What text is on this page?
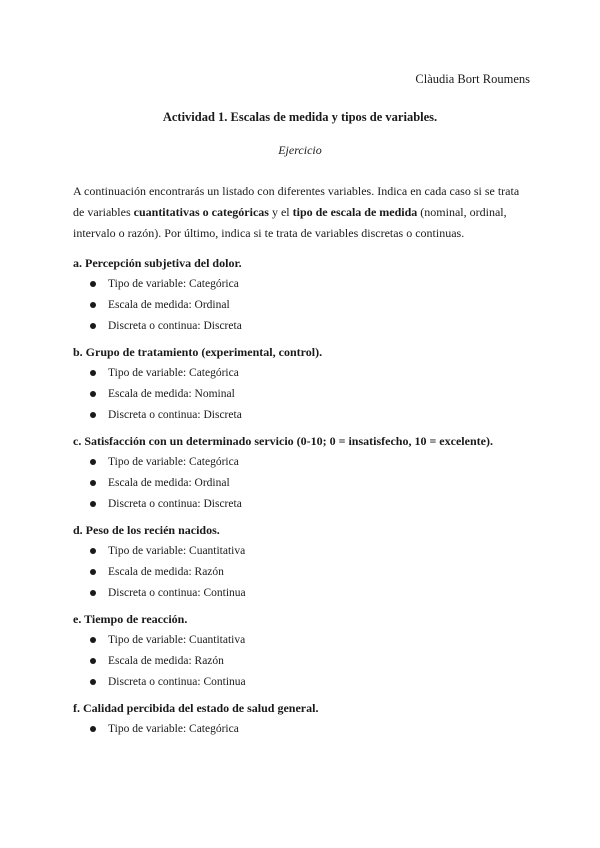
Clàudia Bort Roumens
Actividad 1. Escalas de medida y tipos de variables.
Ejercicio

A continuación encontrarás un listado con diferentes variables. Indica en cada caso si se trata de variables cuantitativas o categóricas y el tipo de escala de medida (nominal, ordinal, intervalo o razón). Por último, indica si te trata de variables discretas o continuas.

a. Percepción subjetiva del dolor.
Tipo de variable: Categórica
Escala de medida: Ordinal
Discreta o continua: Discreta
b. Grupo de tratamiento (experimental, control).
Tipo de variable: Categórica
Escala de medida: Nominal
Discreta o continua: Discreta
c. Satisfacción con un determinado servicio (0-10; 0 = insatisfecho, 10 = excelente).
Tipo de variable: Categórica
Escala de medida: Ordinal
Discreta o continua: Discreta
d. Peso de los recién nacidos.
Tipo de variable: Cuantitativa
Escala de medida: Razón
Discreta o continua: Continua
e. Tiempo de reacción.
Tipo de variable: Cuantitativa
Escala de medida: Razón
Discreta o continua: Continua
f. Calidad percibida del estado de salud general.
Tipo de variable: Categórica
